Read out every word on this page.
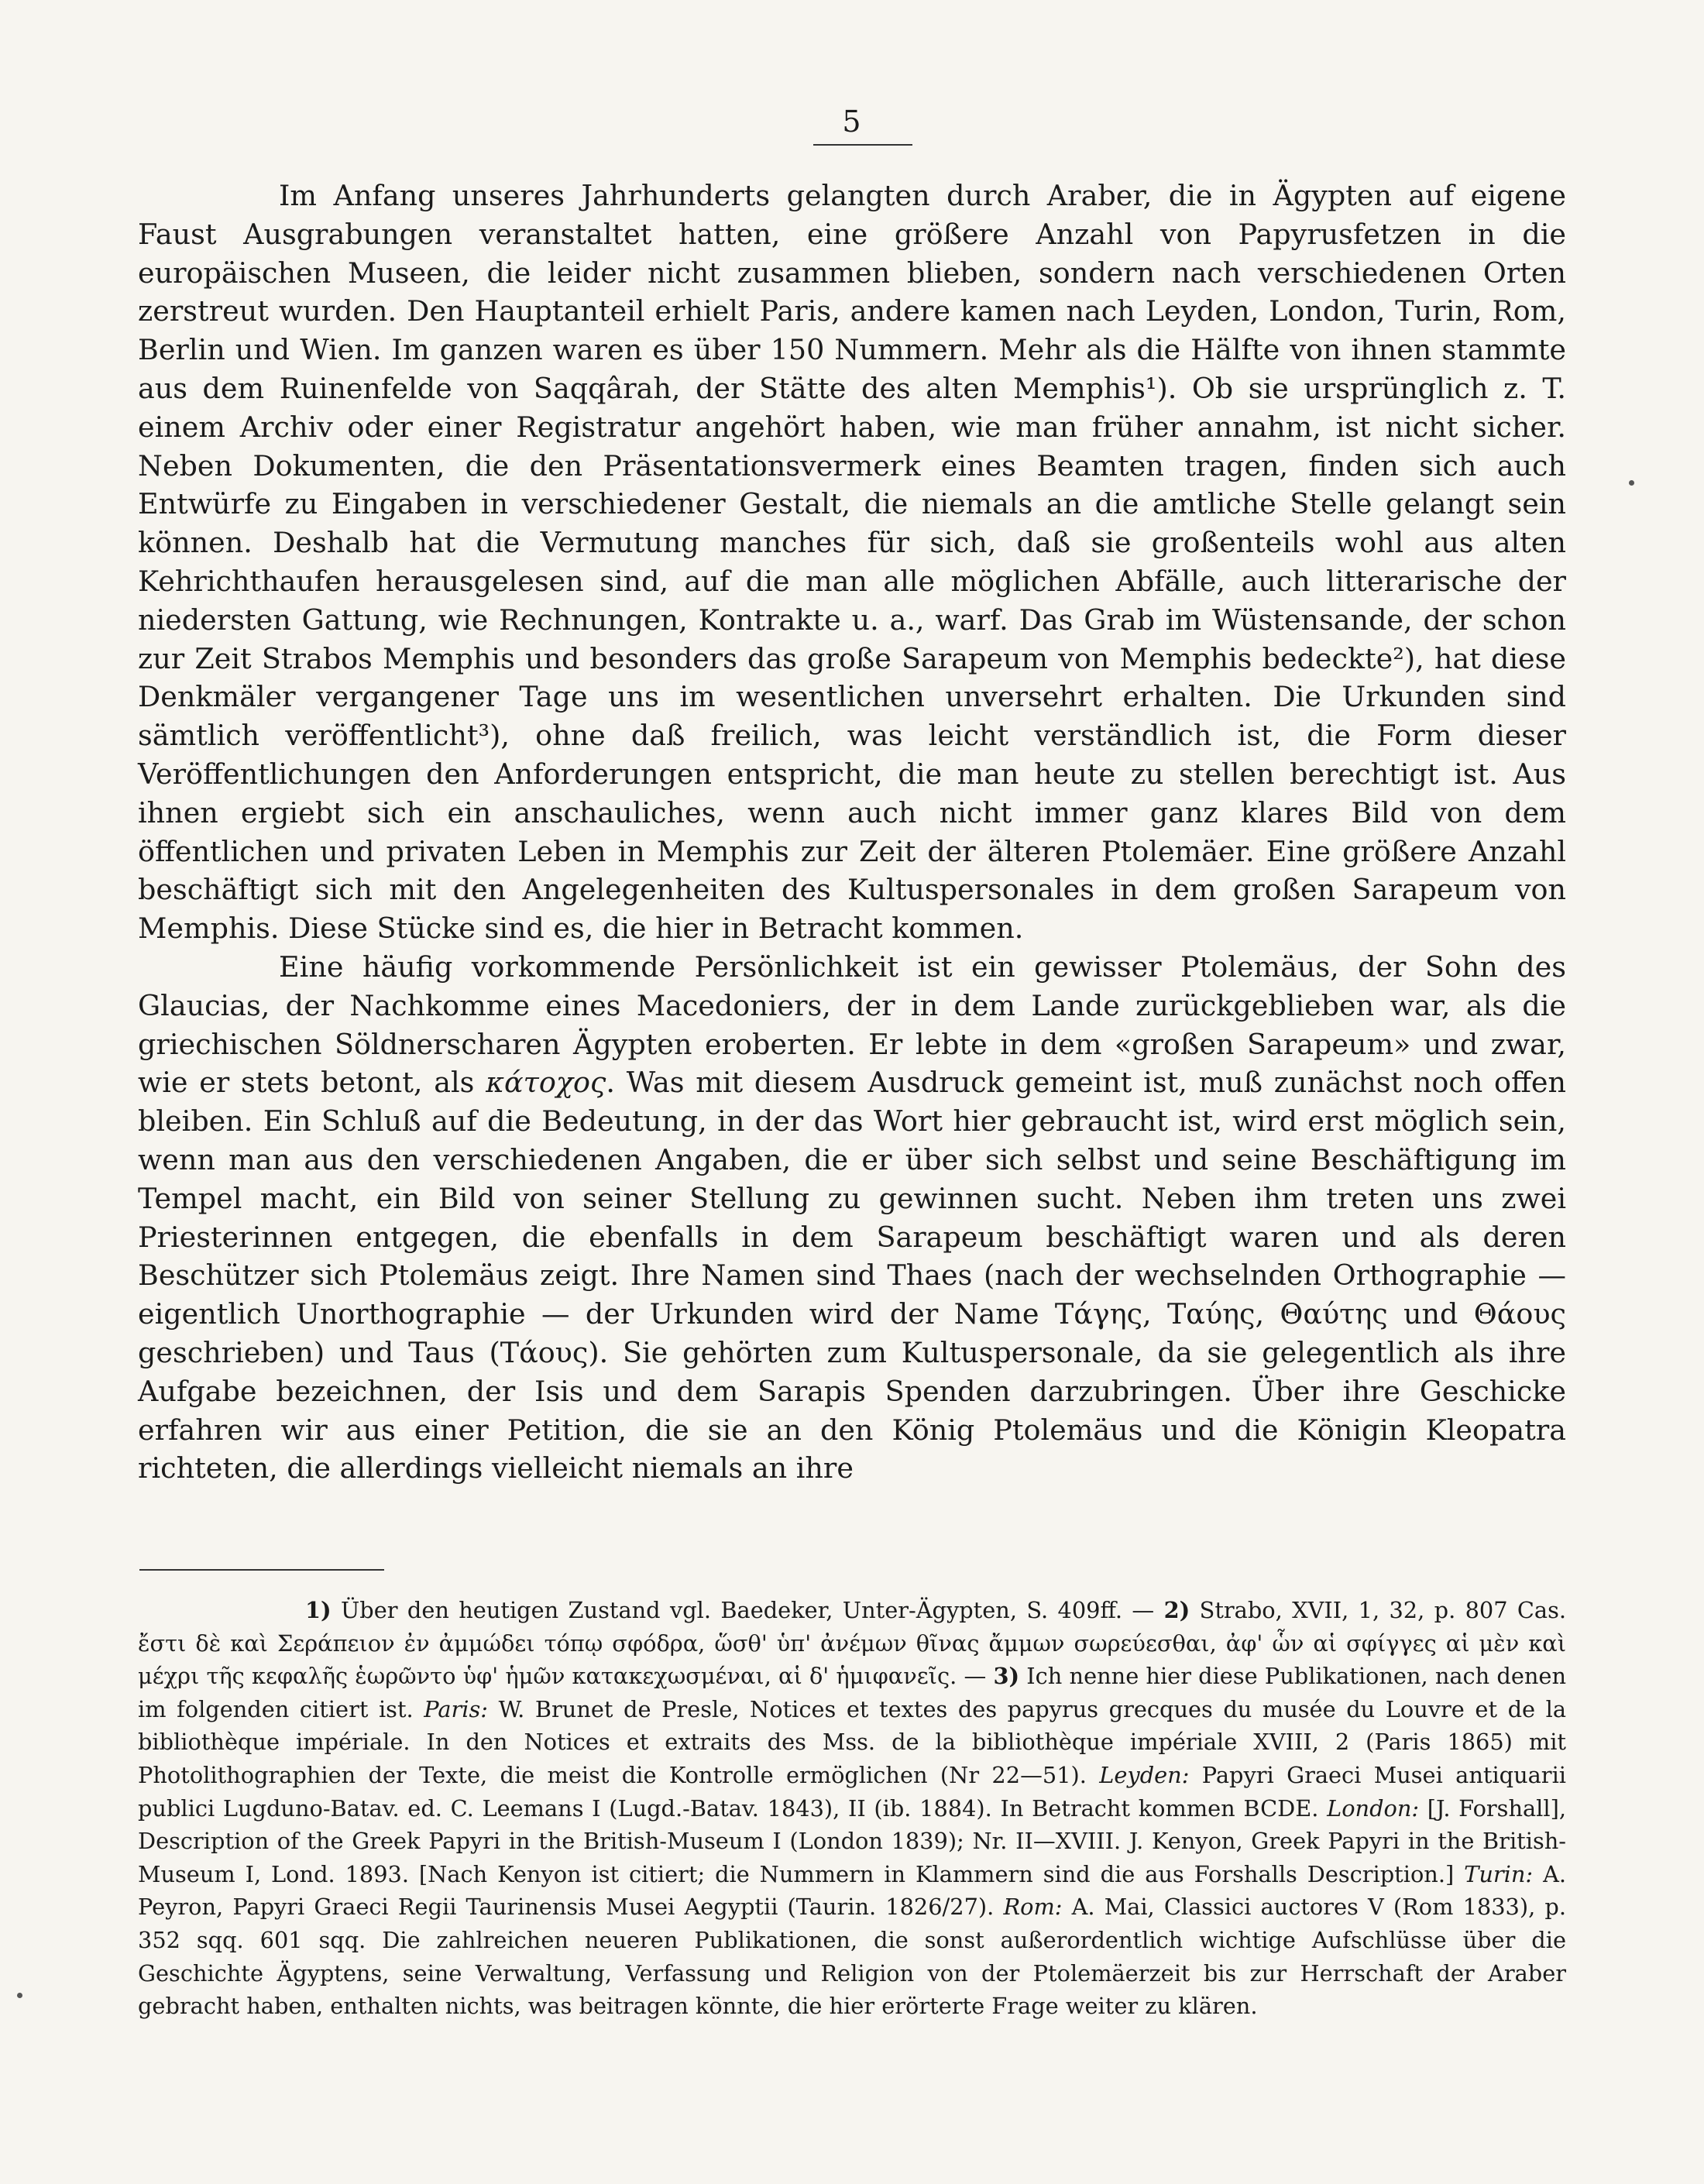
5

Im Anfang unseres Jahrhunderts gelangten durch Araber, die in Ägypten auf eigene Faust Ausgrabungen veranstaltet hatten, eine größere Anzahl von Papyrusfetzen in die europäischen Museen, die leider nicht zusammen blieben, sondern nach verschiedenen Orten zerstreut wurden. Den Hauptanteil erhielt Paris, andere kamen nach Leyden, London, Turin, Rom, Berlin und Wien. Im ganzen waren es über 150 Nummern. Mehr als die Hälfte von ihnen stammte aus dem Ruinenfelde von Saqqârah, der Stätte des alten Memphis¹). Ob sie ursprünglich z. T. einem Archiv oder einer Registratur angehört haben, wie man früher annahm, ist nicht sicher. Neben Dokumenten, die den Präsentationsvermerk eines Beamten tragen, finden sich auch Entwürfe zu Eingaben in verschiedener Gestalt, die niemals an die amtliche Stelle gelangt sein können. Deshalb hat die Vermutung manches für sich, daß sie großenteils wohl aus alten Kehrichthaufen herausgelesen sind, auf die man alle möglichen Abfälle, auch litterarische der niedersten Gattung, wie Rechnungen, Kontrakte u. a., warf. Das Grab im Wüstensande, der schon zur Zeit Strabos Memphis und besonders das große Sarapeum von Memphis bedeckte²), hat diese Denkmäler vergangener Tage uns im wesentlichen unversehrt erhalten. Die Urkunden sind sämtlich veröffentlicht³), ohne daß freilich, was leicht verständlich ist, die Form dieser Veröffentlichungen den Anforderungen entspricht, die man heute zu stellen berechtigt ist. Aus ihnen ergiebt sich ein anschauliches, wenn auch nicht immer ganz klares Bild von dem öffentlichen und privaten Leben in Memphis zur Zeit der älteren Ptolemäer. Eine größere Anzahl beschäftigt sich mit den Angelegenheiten des Kultuspersonales in dem großen Sarapeum von Memphis. Diese Stücke sind es, die hier in Betracht kommen.

Eine häufig vorkommende Persönlichkeit ist ein gewisser Ptolemäus, der Sohn des Glaucias, der Nachkomme eines Macedoniers, der in dem Lande zurückgeblieben war, als die griechischen Söldnerscharen Ägypten eroberten. Er lebte in dem «großen Sarapeum» und zwar, wie er stets betont, als κάτοχος. Was mit diesem Ausdruck gemeint ist, muß zunächst noch offen bleiben. Ein Schluß auf die Bedeutung, in der das Wort hier gebraucht ist, wird erst möglich sein, wenn man aus den verschiedenen Angaben, die er über sich selbst und seine Beschäftigung im Tempel macht, ein Bild von seiner Stellung zu gewinnen sucht. Neben ihm treten uns zwei Priesterinnen entgegen, die ebenfalls in dem Sarapeum beschäftigt waren und als deren Beschützer sich Ptolemäus zeigt. Ihre Namen sind Thaes (nach der wechselnden Orthographie — eigentlich Unorthographie — der Urkunden wird der Name Τάγης, Ταύης, Θαύτης und Θάους geschrieben) und Taus (Τάους). Sie gehörten zum Kultuspersonale, da sie gelegentlich als ihre Aufgabe bezeichnen, der Isis und dem Sarapis Spenden darzubringen. Über ihre Geschicke erfahren wir aus einer Petition, die sie an den König Ptolemäus und die Königin Kleopatra richteten, die allerdings vielleicht niemals an ihre

1) Über den heutigen Zustand vgl. Baedeker, Unter-Ägypten, S. 409ff. — 2) Strabo, XVII, 1, 32, p. 807 Cas. ἔστι δὲ καὶ Σεράπειον ἐν ἀμμώδει τόπῳ σφόδρα, ὥσθ' ὑπ' ἀνέμων θῖνας ἄμμων σωρεύεσθαι, ἀφ' ὧν αἱ σφίγγες αἱ μὲν καὶ μέχρι τῆς κεφαλῆς ἑωρῶντο ὑφ' ἡμῶν κατακεχωσμέναι, αἱ δ' ἡμιφανεῖς. — 3) Ich nenne hier diese Publikationen, nach denen im folgenden citiert ist. Paris: W. Brunet de Presle, Notices et textes des papyrus grecques du musée du Louvre et de la bibliothèque impériale. In den Notices et extraits des Mss. de la bibliothèque impériale XVIII, 2 (Paris 1865) mit Photolithographien der Texte, die meist die Kontrolle ermöglichen (Nr 22—51). Leyden: Papyri Graeci Musei antiquarii publici Lugduno-Batav. ed. C. Leemans I (Lugd.-Batav. 1843), II (ib. 1884). In Betracht kommen BCDE. London: [J. Forshall], Description of the Greek Papyri in the British-Museum I (London 1839); Nr. II—XVIII. J. Kenyon, Greek Papyri in the British-Museum I, Lond. 1893. [Nach Kenyon ist citiert; die Nummern in Klammern sind die aus Forshalls Description.] Turin: A. Peyron, Papyri Graeci Regii Taurinensis Musei Aegyptii (Taurin. 1826/27). Rom: A. Mai, Classici auctores V (Rom 1833), p. 352 sqq. 601 sqq. Die zahlreichen neueren Publikationen, die sonst außerordentlich wichtige Aufschlüsse über die Geschichte Ägyptens, seine Verwaltung, Verfassung und Religion von der Ptolemäerzeit bis zur Herrschaft der Araber gebracht haben, enthalten nichts, was beitragen könnte, die hier erörterte Frage weiter zu klären.
